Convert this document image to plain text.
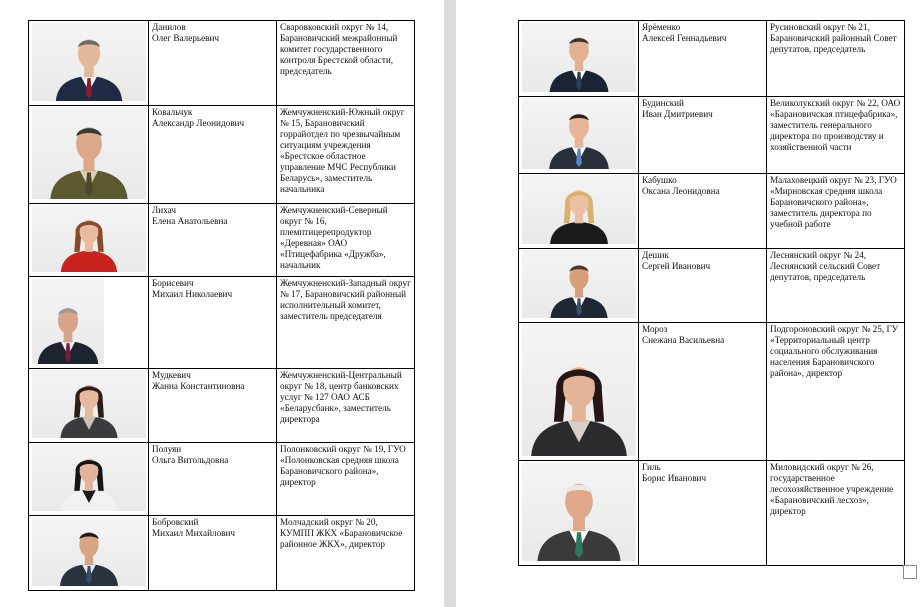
Данилов
Олег Валерьевич	Сваровковский округ № 14, Барановичский межрайонный комитет государственного контроля Брестской области, председатель

Ковальчук
Александр Леонидович	Жемчужненский-Южный округ № 15, Барановичский горрайотдел по чрезвычайным ситуациям учреждения «Брестское областное управление МЧС Республики Беларусь», заместитель начальника

Лихач
Елена Анатольевна	Жемчужненский-Северный округ № 16, племптицерепродуктор «Деревная» ОАО «Птицефабрика «Дружба», начальник

Борисевич
Михаил Николаевич	Жемчужненский-Западный округ № 17, Барановичский районный исполнительный комитет, заместитель председателя

Мудкевич
Жанна Константиновна	Жемчужненский-Центральный округ № 18, центр банковских услуг № 127 ОАО АСБ «Беларусбанк», заместитель директора

Полуян
Ольга Витольдовна	Полонковский округ № 19, ГУО «Полонковская средняя школа Барановичского района», директор

Бобровский
Михаил Михайлович	Молчадский округ № 20, КУМПП ЖКХ «Барановичское районное ЖКХ», директор

Ярёменко
Алексей Геннадьевич	Русиновский округ № 21, Барановичский районный Совет депутатов, председатель

Будинский
Иван Дмитриевич	Великолукский округ № 22, ОАО «Барановичская птицефабрика», заместитель генерального директора по производству и хозяйственной части

Кабушко
Оксана Леонидовна	Малаховецкий округ № 23, ГУО «Мирновская средняя школа Барановичского района», заместитель директора по учебной работе

Дешик
Сергей Иванович	Леснянский округ № 24, Леснянский сельский Совет депутатов, председатель

Мороз
Снежана Васильевна	Подгороновский округ № 25, ГУ «Территориальный центр социального обслуживания населения Барановичского района», директор

Гиль
Борис Иванович	Миловидский округ № 26, государственное лесохозяйственное учреждение «Барановичский лесхоз», директор
